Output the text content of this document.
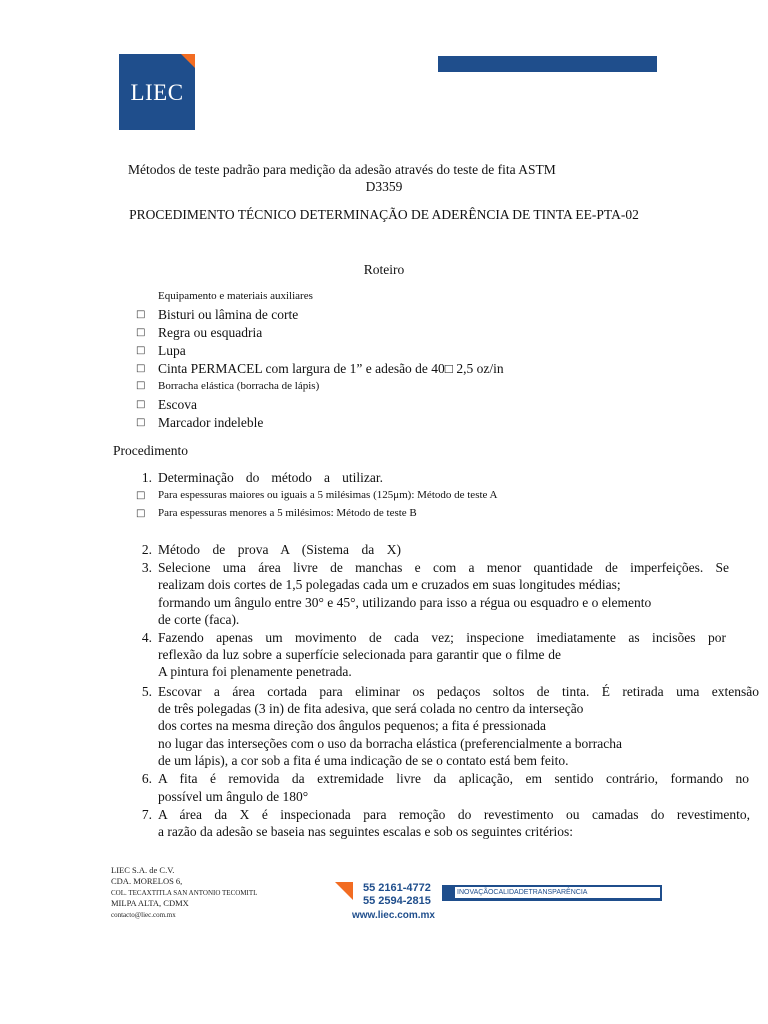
LIEC
Métodos de teste padrão para medição da adesão através do teste de fita ASTM
D3359
PROCEDIMENTO TÉCNICO DETERMINAÇÃO DE ADERÊNCIA DE TINTA EE-PTA-02
Roteiro
Equipamento e materiais auxiliares
□ Bisturi ou lâmina de corte
□ Regra ou esquadria
□ Lupa
□ Cinta PERMACEL com largura de 1” e adesão de 40□ 2,5 oz/in
□ Borracha elástica (borracha de lápis)
□ Escova
□ Marcador indeleble
Procedimento
1. Determinação do método a utilizar.
□ Para espessuras maiores ou iguais a 5 milésimas (125μm): Método de teste A
□ Para espessuras menores a 5 milésimos: Método de teste B
2. Método de prova A (Sistema da X)
3. Selecione uma área livre de manchas e com a menor quantidade de imperfeições. Se
realizam dois cortes de 1,5 polegadas cada um e cruzados em suas longitudes médias;
formando um ângulo entre 30° e 45°, utilizando para isso a régua ou esquadro e o elemento
de corte (faca).
4. Fazendo apenas um movimento de cada vez; inspecione imediatamente as incisões por
reflexão da luz sobre a superfície selecionada para garantir que o filme de
A pintura foi plenamente penetrada.
5. Escovar a área cortada para eliminar os pedaços soltos de tinta. É retirada uma extensão
de três polegadas (3 in) de fita adesiva, que será colada no centro da interseção
dos cortes na mesma direção dos ângulos pequenos; a fita é pressionada
no lugar das interseções com o uso da borracha elástica (preferencialmente a borracha
de um lápis), a cor sob a fita é uma indicação de se o contato está bem feito.
6. A fita é removida da extremidade livre da aplicação, em sentido contrário, formando no
possível um ângulo de 180°
7. A área da X é inspecionada para remoção do revestimento ou camadas do revestimento,
a razão da adesão se baseia nas seguintes escalas e sob os seguintes critérios:
LIEC S.A. de C.V.
CDA. MORELOS 6,
COL. TECAXTITLA SAN ANTONIO TECOMITL
MILPA ALTA, CDMX
contacto@liec.com.mx
55 2161-4772
55 2594-2815
www.liec.com.mx
INOVAÇÃOCALIDADETRANSPARÊNCIA
